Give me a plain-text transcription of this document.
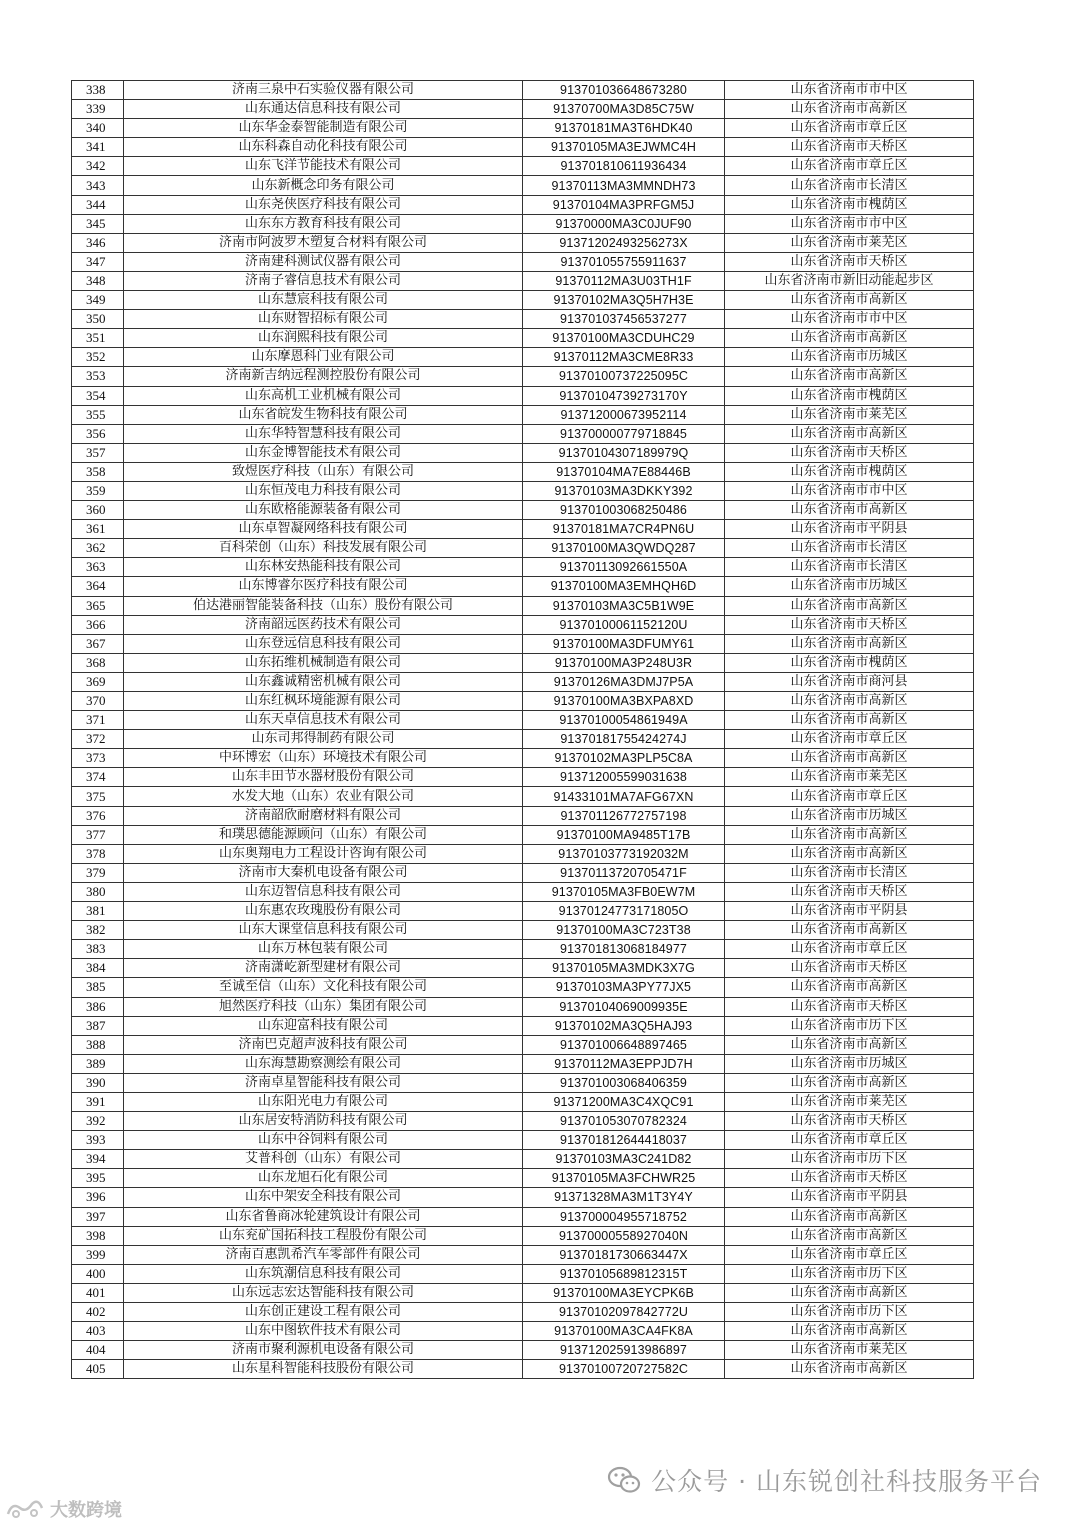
338	济南三泉中石实验仪器有限公司	913701036648673280	山东省济南市市中区
339	山东通达信息科技有限公司	91370700MA3D85C75W	山东省济南市高新区
340	山东华金泰智能制造有限公司	91370181MA3T6HDK40	山东省济南市章丘区
341	山东科森自动化科技有限公司	91370105MA3EJWMC4H	山东省济南市天桥区
342	山东飞洋节能技术有限公司	913701810611936434	山东省济南市章丘区
343	山东新概念印务有限公司	91370113MA3MMNDH73	山东省济南市长清区
344	山东尧侠医疗科技有限公司	91370104MA3PRFGM5J	山东省济南市槐荫区
345	山东东方教育科技有限公司	91370000MA3C0JUF90	山东省济南市市中区
346	济南市阿波罗木塑复合材料有限公司	91371202493256273X	山东省济南市莱芜区
347	济南建科测试仪器有限公司	913701055755911637	山东省济南市天桥区
348	济南子睿信息技术有限公司	91370112MA3U03TH1F	山东省济南市新旧动能起步区
349	山东慧宸科技有限公司	91370102MA3Q5H7H3E	山东省济南市高新区
350	山东财智招标有限公司	913701037456537277	山东省济南市市中区
351	山东润熙科技有限公司	91370100MA3CDUHC29	山东省济南市高新区
352	山东摩恩科门业有限公司	91370112MA3CME8R33	山东省济南市历城区
353	济南新吉纳远程测控股份有限公司	91370100737225095C	山东省济南市高新区
354	山东高机工业机械有限公司	91370104739273170Y	山东省济南市槐荫区
355	山东省皖发生物科技有限公司	913712000673952114	山东省济南市莱芜区
356	山东华特智慧科技有限公司	913700000779718845	山东省济南市高新区
357	山东金博智能技术有限公司	91370104307189979Q	山东省济南市天桥区
358	致煜医疗科技（山东）有限公司	91370104MA7E88446B	山东省济南市槐荫区
359	山东恒茂电力科技有限公司	91370103MA3DKKY392	山东省济南市市中区
360	山东欧格能源装备有限公司	913701003068250486	山东省济南市高新区
361	山东卓智凝网络科技有限公司	91370181MA7CR4PN6U	山东省济南市平阴县
362	百科荣创（山东）科技发展有限公司	91370100MA3QWDQ287	山东省济南市长清区
363	山东林安热能科技有限公司	91370113092661550A	山东省济南市长清区
364	山东博睿尔医疗科技有限公司	91370100MA3EMHQH6D	山东省济南市历城区
365	伯达港丽智能装备科技（山东）股份有限公司	91370103MA3C5B1W9E	山东省济南市高新区
366	济南韶远医药技术有限公司	91370100061152120U	山东省济南市天桥区
367	山东登远信息科技有限公司	91370100MA3DFUMY61	山东省济南市高新区
368	山东拓维机械制造有限公司	91370100MA3P248U3R	山东省济南市槐荫区
369	山东鑫诚精密机械有限公司	91370126MA3DMJ7P5A	山东省济南市商河县
370	山东红枫环境能源有限公司	91370100MA3BXPA8XD	山东省济南市高新区
371	山东天卓信息技术有限公司	91370100054861949A	山东省济南市高新区
372	山东司邦得制药有限公司	91370181755424274J	山东省济南市章丘区
373	中环博宏（山东）环境技术有限公司	91370102MA3PLP5C8A	山东省济南市高新区
374	山东丰田节水器材股份有限公司	913712005599031638	山东省济南市莱芜区
375	水发大地（山东）农业有限公司	91433101MA7AFG67XN	山东省济南市章丘区
376	济南韶欣耐磨材料有限公司	913701126772757198	山东省济南市历城区
377	和璞思德能源顾问（山东）有限公司	91370100MA9485T17B	山东省济南市高新区
378	山东奥翔电力工程设计咨询有限公司	91370103773192032M	山东省济南市高新区
379	济南市大秦机电设备有限公司	91370113720705471F	山东省济南市长清区
380	山东迈智信息科技有限公司	91370105MA3FB0EW7M	山东省济南市天桥区
381	山东惠农玫瑰股份有限公司	91370124773171805O	山东省济南市平阴县
382	山东大课堂信息科技有限公司	91370100MA3C723T38	山东省济南市高新区
383	山东万林包装有限公司	913701813068184977	山东省济南市章丘区
384	济南潇屹新型建材有限公司	91370105MA3MDK3X7G	山东省济南市天桥区
385	至诚至信（山东）文化科技有限公司	91370103MA3PY77JX5	山东省济南市高新区
386	旭然医疗科技（山东）集团有限公司	91370104069009935E	山东省济南市天桥区
387	山东迎富科技有限公司	91370102MA3Q5HAJ93	山东省济南市历下区
388	济南巴克超声波科技有限公司	913701006648897465	山东省济南市高新区
389	山东海慧勘察测绘有限公司	91370112MA3EPPJD7H	山东省济南市历城区
390	济南卓星智能科技有限公司	913701003068406359	山东省济南市高新区
391	山东阳光电力有限公司	91371200MA3C4XQC91	山东省济南市莱芜区
392	山东居安特消防科技有限公司	913701053070782324	山东省济南市天桥区
393	山东中谷饲料有限公司	913701812644418037	山东省济南市章丘区
394	艾普科创（山东）有限公司	91370103MA3C241D82	山东省济南市历下区
395	山东龙旭石化有限公司	91370105MA3FCHWR25	山东省济南市天桥区
396	山东中架安全科技有限公司	91371328MA3M1T3Y4Y	山东省济南市平阴县
397	山东省鲁商冰轮建筑设计有限公司	913700004955718752	山东省济南市高新区
398	山东兖矿国拓科技工程股份有限公司	91370000558927040N	山东省济南市高新区
399	济南百惠凯希汽车零部件有限公司	91370181730663447X	山东省济南市章丘区
400	山东筑潮信息科技有限公司	91370105689812315T	山东省济南市历下区
401	山东远志宏达智能科技有限公司	91370100MA3EYCPK6B	山东省济南市高新区
402	山东创正建设工程有限公司	91370102097842772U	山东省济南市历下区
403	山东中图软件技术有限公司	91370100MA3CA4FK8A	山东省济南市高新区
404	济南市聚利源机电设备有限公司	913712025913986897	山东省济南市莱芜区
405	山东星科智能科技股份有限公司	91370100720727582C	山东省济南市高新区
公众号 · 山东锐创社科技服务平台
大数跨境
